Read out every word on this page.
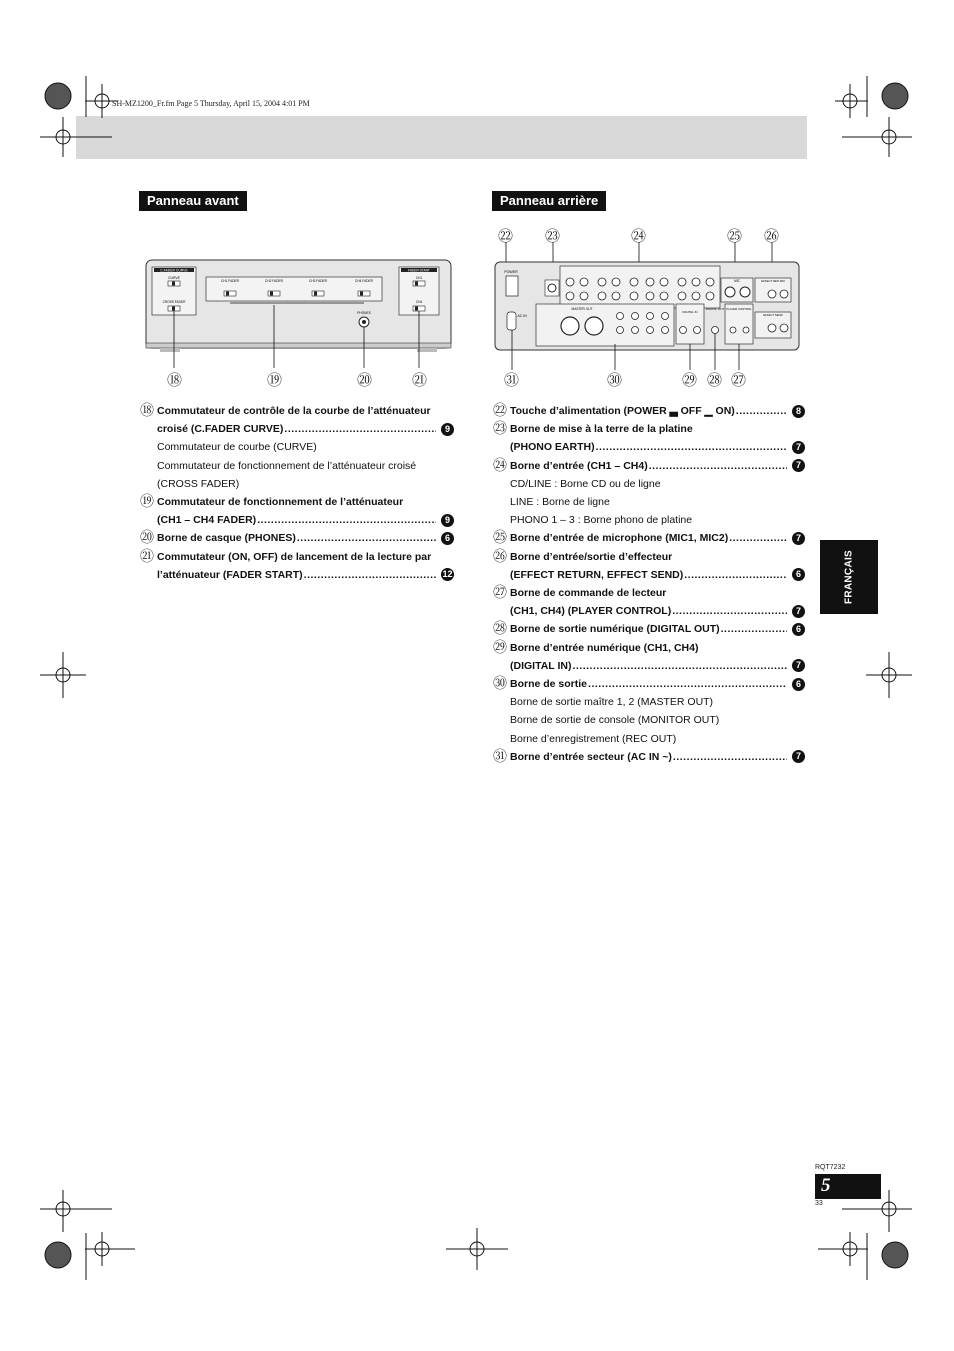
SH-MZ1200_Fr.fm Page 5 Thursday, April 15, 2004 4:01 PM
Panneau avant	Panneau arrière
C.FADER CURVE
CURVE
CROSS FADER
CH1 FADER	CH2 FADER	CH3 FADER	CH4 FADER
PHONES
FADER START
CH1
CH4
⑱	⑲	⑳	㉑
POWER
MIC	EFFECT RETURN
EFFECT SEND
AC IN
MASTER OUT
DIGITAL IN
DIGITAL OUT PLAYER CONTROL
㉒ ㉓	㉔	㉕ ㉖
㉛	㉚	㉙ ㉘ ㉗
⑱ Commutateur de contrôle de la courbe de l’atténuateur
croisé (C.FADER CURVE) .....	9
Commutateur de courbe (CURVE)
Commutateur de fonctionnement de l’atténuateur croisé
(CROSS FADER)
⑲ Commutateur de fonctionnement de l’atténuateur
(CH1 – CH4 FADER) .....	9
⑳ Borne de casque (PHONES) .....	6
㉑ Commutateur (ON, OFF) de lancement de la lecture par
l’atténuateur (FADER START) .....	12
㉒ Touche d’alimentation (POWER ▃ OFF ▁ ON) .....	8
㉓ Borne de mise à la terre de la platine
(PHONO EARTH) .....	7
㉔ Borne d’entrée (CH1 – CH4) .....	7
CD/LINE : Borne CD ou de ligne
LINE : Borne de ligne
PHONO 1 – 3 : Borne phono de platine
㉕ Borne d’entrée de microphone (MIC1, MIC2) .....	7
㉖ Borne d’entrée/sortie d’effecteur
(EFFECT RETURN, EFFECT SEND) .....	6
㉗ Borne de commande de lecteur
(CH1, CH4) (PLAYER CONTROL) .....	7
㉘ Borne de sortie numérique (DIGITAL OUT) .....	6
㉙ Borne d’entrée numérique (CH1, CH4)
(DIGITAL IN) .....	7
㉚ Borne de sortie .....	6
Borne de sortie maître 1, 2 (MASTER OUT)
Borne de sortie de console (MONITOR OUT)
Borne d’enregistrement (REC OUT)
㉛ Borne d’entrée secteur (AC IN ~) .....	7
FRANÇAIS
RQT7232
5
33
